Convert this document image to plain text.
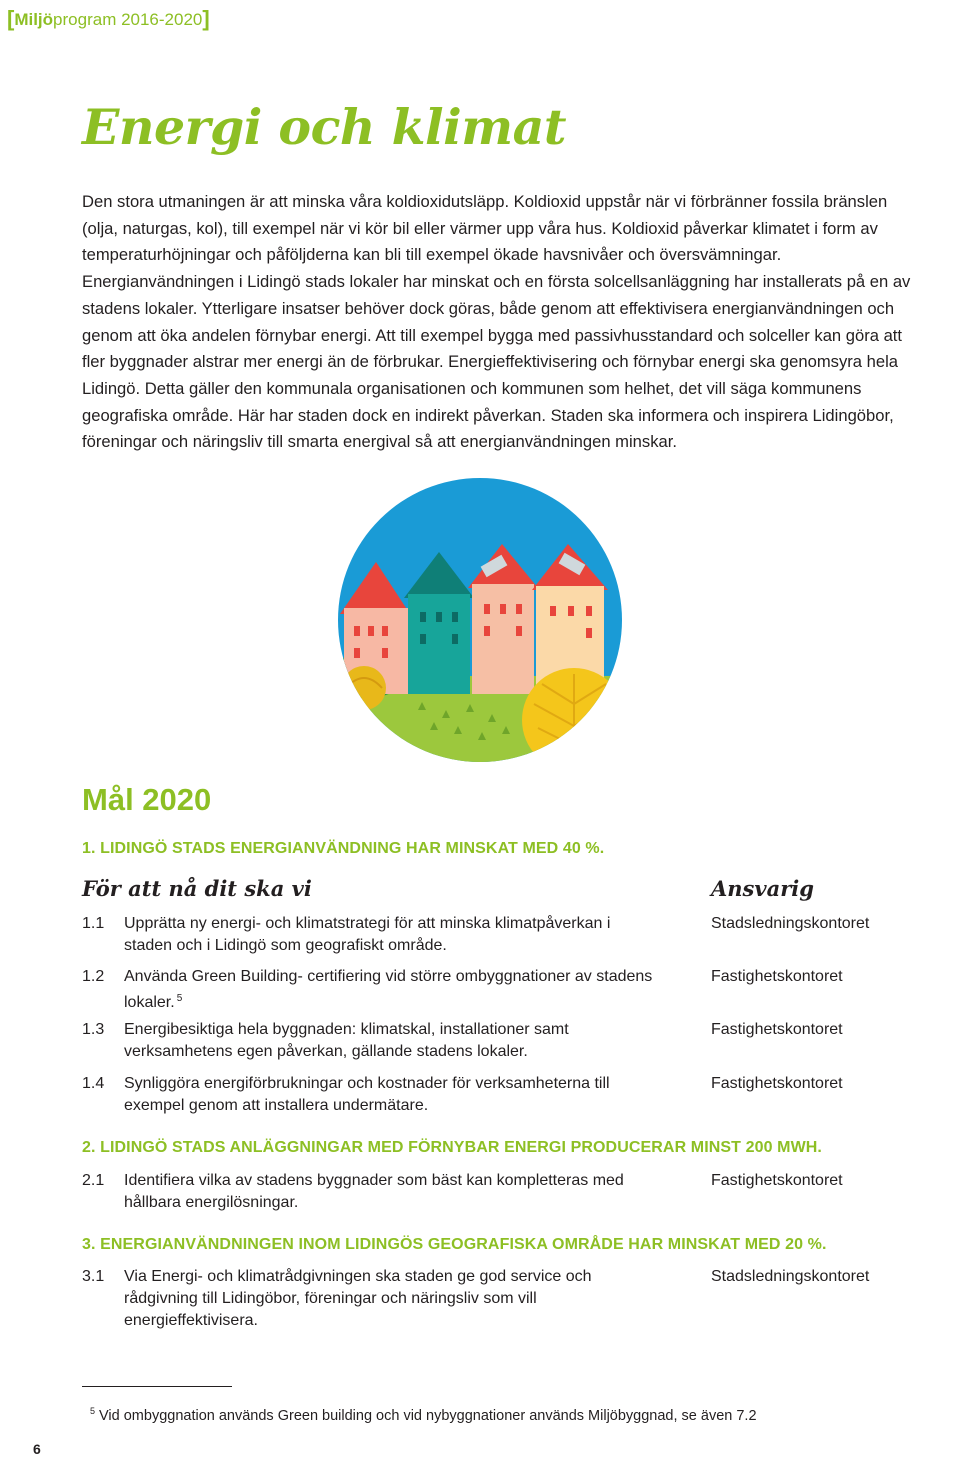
[Miljöprogram 2016-2020]
Energi och klimat

Den stora utmaningen är att minska våra koldioxidutsläpp. Koldioxid uppstår när vi förbränner fossila bränslen (olja, naturgas, kol), till exempel när vi kör bil eller värmer upp våra hus. Koldioxid påverkar klimatet i form av temperaturhöjningar och påföljderna kan bli till exempel ökade havsnivåer och översvämningar. Energianvändningen i Lidingö stads lokaler har minskat och en första solcellsanläggning har installerats på en av stadens lokaler. Ytterligare insatser behöver dock göras, både genom att effektivisera energianvändningen och genom att öka andelen förnybar energi. Att till exempel bygga med passivhusstandard och solceller kan göra att fler byggnader alstrar mer energi än de förbrukar. Energieffektivisering och förnybar energi ska genomsyra hela Lidingö. Detta gäller den kommunala organisationen och kommunen som helhet, det vill säga kommunens geografiska område. Här har staden dock en indirekt påverkan. Staden ska informera och inspirera Lidingöbor, föreningar och näringsliv till smarta energival så att energianvändningen minskar.

Mål 2020

1. LIDINGÖ STADS ENERGIANVÄNDNING HAR MINSKAT MED 40 %.

För att nå dit ska vi	Ansvarig
1.1 Upprätta ny energi- och klimatstrategi för att minska klimatpåverkan i staden och i Lidingö som geografiskt område.
Stadsledningskontoret
1.2 Använda Green Building- certifiering vid större ombyggnationer av stadens lokaler. $^5$
Fastighetskontoret
1.3 Energibesiktiga hela byggnaden: klimatskal, installationer samt verksamhetens egen påverkan, gällande stadens lokaler.
Fastighetskontoret
1.4 Synliggöra energiförbrukningar och kostnader för verksamheterna till exempel genom att installera undermätare.
Fastighetskontoret

2. LIDINGÖ STADS ANLÄGGNINGAR MED FÖRNYBAR ENERGI PRODUCERAR MINST 200 MWH.

2.1 Identifiera vilka av stadens byggnader som bäst kan kompletteras med hållbara energilösningar.
Fastighetskontoret

3. ENERGIANVÄNDNINGEN INOM LIDINGÖS GEOGRAFISKA OMRÅDE HAR MINSKAT MED 20 %.

3.1 Via Energi- och klimatrådgivningen ska staden ge god service och rådgivning till Lidingöbor, föreningar och näringsliv som vill energieffektivisera.
Stadsledningskontoret
$^5$ Vid ombyggnation används Green building och vid nybyggnationer används Miljöbyggnad, se även 7.2
6
